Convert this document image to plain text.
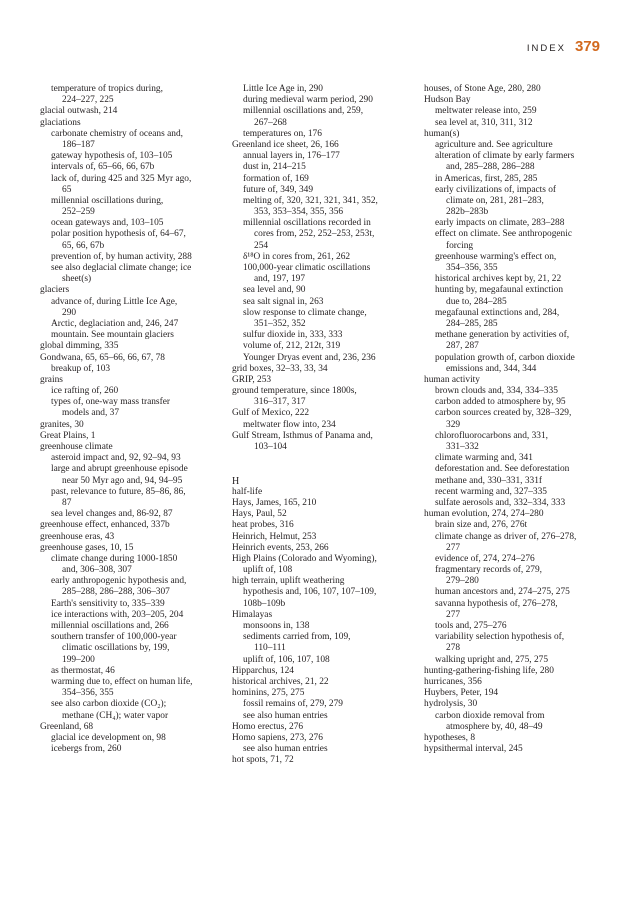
INDEX 379
temperature of tropics during,
224–227, 225
glacial outwash, 214
glaciations
carbonate chemistry of oceans and,
186–187
gateway hypothesis of, 103–105
intervals of, 65–66, 66, 67b
lack of, during 425 and 325 Myr ago,
65
millennial oscillations during,
252–259
ocean gateways and, 103–105
polar position hypothesis of, 64–67,
65, 66, 67b
prevention of, by human activity, 288
see also deglacial climate change; ice
sheet(s)
glaciers
advance of, during Little Ice Age,
290
Arctic, deglaciation and, 246, 247
mountain. See mountain glaciers
global dimming, 335
Gondwana, 65, 65–66, 66, 67, 78
breakup of, 103
grains
ice rafting of, 260
types of, one-way mass transfer
models and, 37
granites, 30
Great Plains, 1
greenhouse climate
asteroid impact and, 92, 92–94, 93
large and abrupt greenhouse episode
near 50 Myr ago and, 94, 94–95
past, relevance to future, 85–86, 86,
87
sea level changes and, 86-92, 87
greenhouse effect, enhanced, 337b
greenhouse eras, 43
greenhouse gases, 10, 15
climate change during 1000-1850
and, 306–308, 307
early anthropogenic hypothesis and,
285–288, 286–288, 306–307
Earth's sensitivity to, 335–339
ice interactions with, 203–205, 204
millennial oscillations and, 266
southern transfer of 100,000-year
climatic oscillations by, 199,
199–200
as thermostat, 46
warming due to, effect on human life,
354–356, 355
see also carbon dioxide (CO₂);
methane (CH₄); water vapor
Greenland, 68
glacial ice development on, 98
icebergs from, 260
Little Ice Age in, 290
during medieval warm period, 290
millennial oscillations and, 259,
267–268
temperatures on, 176
Greenland ice sheet, 26, 166
annual layers in, 176–177
dust in, 214–215
formation of, 169
future of, 349, 349
melting of, 320, 321, 321, 341, 352,
353, 353–354, 355, 356
millennial oscillations recorded in
cores from, 252, 252–253, 253t,
254
δ¹⁸O in cores from, 261, 262
100,000-year climatic oscillations
and, 197, 197
sea level and, 90
sea salt signal in, 263
slow response to climate change,
351–352, 352
sulfur dioxide in, 333, 333
volume of, 212, 212t, 319
Younger Dryas event and, 236, 236
grid boxes, 32–33, 33, 34
GRIP, 253
ground temperature, since 1800s,
316–317, 317
Gulf of Mexico, 222
meltwater flow into, 234
Gulf Stream, Isthmus of Panama and,
103–104
H
half-life
Hays, James, 165, 210
Hays, Paul, 52
heat probes, 316
Heinrich, Helmut, 253
Heinrich events, 253, 266
High Plains (Colorado and Wyoming),
uplift of, 108
high terrain, uplift weathering
hypothesis and, 106, 107, 107–109,
108b–109b
Himalayas
monsoons in, 138
sediments carried from, 109,
110–111
uplift of, 106, 107, 108
Hipparchus, 124
historical archives, 21, 22
hominins, 275, 275
fossil remains of, 279, 279
see also human entries
Homo erectus, 276
Homo sapiens, 273, 276
see also human entries
hot spots, 71, 72
houses, of Stone Age, 280, 280
Hudson Bay
meltwater release into, 259
sea level at, 310, 311, 312
human(s)
agriculture and. See agriculture
alteration of climate by early farmers
and, 285–288, 286–288
in Americas, first, 285, 285
early civilizations of, impacts of
climate on, 281, 281–283,
282b–283b
early impacts on climate, 283–288
effect on climate. See anthropogenic
forcing
greenhouse warming's effect on,
354–356, 355
historical archives kept by, 21, 22
hunting by, megafaunal extinction
due to, 284–285
megafaunal extinctions and, 284,
284–285, 285
methane generation by activities of,
287, 287
population growth of, carbon dioxide
emissions and, 344, 344
human activity
brown clouds and, 334, 334–335
carbon added to atmosphere by, 95
carbon sources created by, 328–329,
329
chlorofluorocarbons and, 331,
331–332
climate warming and, 341
deforestation and. See deforestation
methane and, 330–331, 331f
recent warming and, 327–335
sulfate aerosols and, 332–334, 333
human evolution, 274, 274–280
brain size and, 276, 276t
climate change as driver of, 276–278,
277
evidence of, 274, 274–276
fragmentary records of, 279,
279–280
human ancestors and, 274–275, 275
savanna hypothesis of, 276–278,
277
tools and, 275–276
variability selection hypothesis of,
278
walking upright and, 275, 275
hunting-gathering-fishing life, 280
hurricanes, 356
Huybers, Peter, 194
hydrolysis, 30
carbon dioxide removal from
atmosphere by, 40, 48–49
hypotheses, 8
hypsithermal interval, 245
